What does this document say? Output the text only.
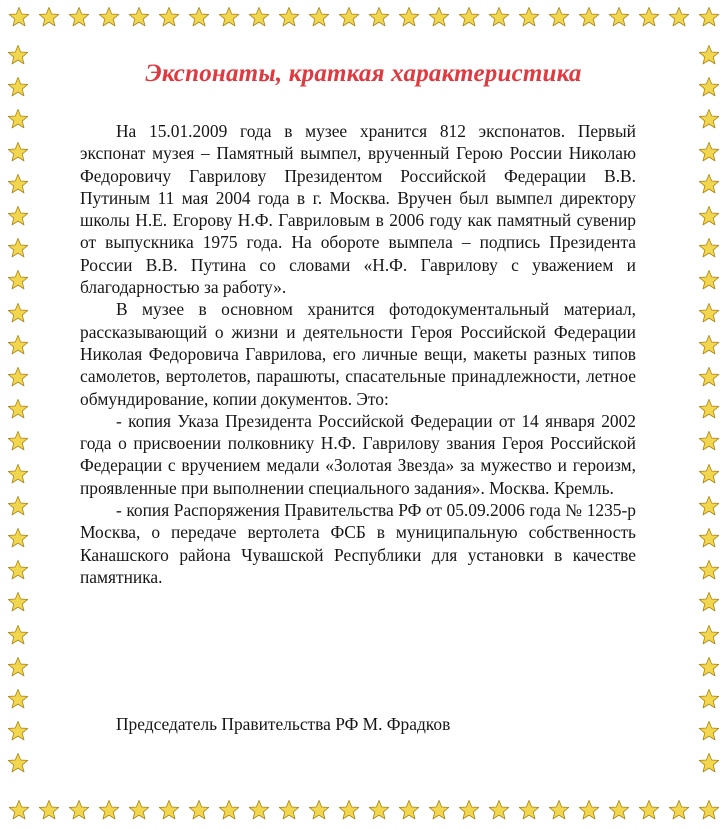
Экспонаты, краткая характеристика

На 15.01.2009 года в музее хранится 812 экспонатов. Первый экспонат музея – Памятный вымпел, врученный Герою России Николаю Федоровичу Гаврилову Президентом Российской Федерации В.В. Путиным 11 мая 2004 года в г. Москва. Вручен был вымпел директору школы Н.Е. Егорову Н.Ф. Гавриловым в 2006 году как памятный сувенир от выпускника 1975 года. На обороте вымпела – подпись Президента России В.В. Путина со словами «Н.Ф. Гаврилову с уважением и благодарностью за работу».

В музее в основном хранится фотодокументальный материал, рассказывающий о жизни и деятельности Героя Российской Федерации Николая Федоровича Гаврилова, его личные вещи, макеты разных типов самолетов, вертолетов, парашюты, спасательные принадлежности, летное обмундирование, копии документов. Это:

- копия Указа Президента Российской Федерации от 14 января 2002 года о присвоении полковнику Н.Ф. Гаврилову звания Героя Российской Федерации с вручением медали «Золотая Звезда» за мужество и героизм, проявленные при выполнении специального задания». Москва. Кремль.

- копия Распоряжения Правительства РФ от 05.09.2006 года № 1235-р Москва, о передаче вертолета ФСБ в муниципальную собственность Канашского района Чувашской Республики для установки в качестве памятника.

Председатель Правительства РФ М. Фрадков
